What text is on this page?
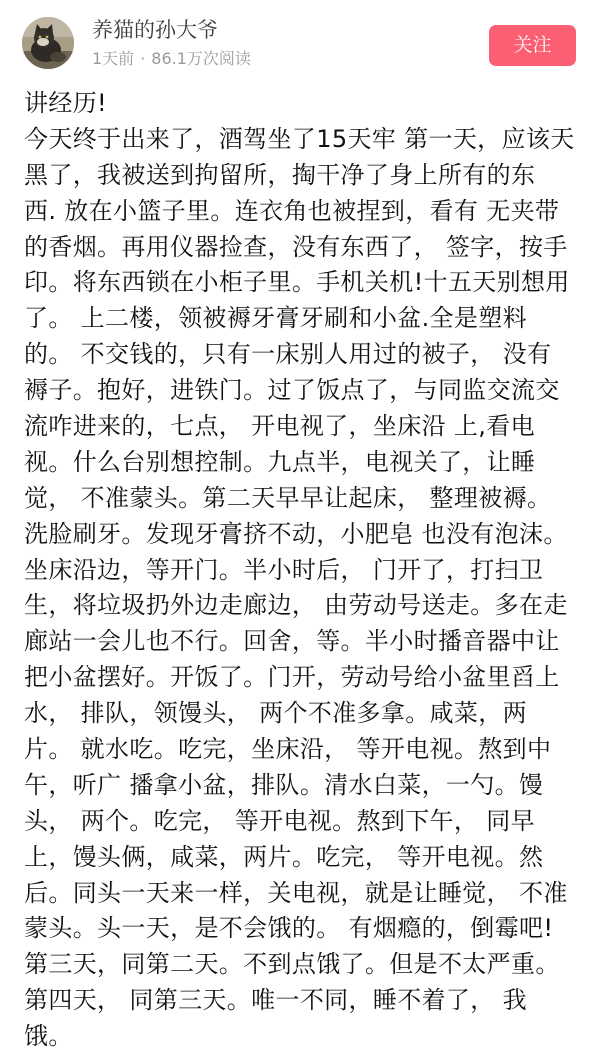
养猫的孙大爷
1天前 · 86.1万次阅读
关注
讲经历!
今天终于出来了，酒驾坐了15天牢 第一天，应该天
黑了，我被送到拘留所，掏干净了身上所有的东
西. 放在小篮子里。连衣角也被捏到，看有 无夹带
的香烟。再用仪器捡查，没有东西了， 签字，按手
印。将东西锁在小柜子里。手机关机!十五天别想用
了。 上二楼，领被褥牙膏牙刷和小盆.全是塑料
的。 不交钱的，只有一床别人用过的被子， 没有
褥子。抱好，进铁门。过了饭点了，与同监交流交
流咋进来的，七点， 开电视了，坐床沿 上,看电
视。什么台别想控制。九点半，电视关了，让睡
觉， 不准蒙头。第二天早早让起床， 整理被褥。
洗脸刷牙。发现牙膏挤不动，小肥皂 也没有泡沫。
坐床沿边，等开门。半小时后， 门开了，打扫卫
生，将垃圾扔外边走廊边， 由劳动号送走。多在走
廊站一会儿也不行。回舍，等。半小时播音器中让
把小盆摆好。开饭了。门开，劳动号给小盆里舀上
水， 排队，领馒头， 两个不准多拿。咸菜，两
片。 就水吃。吃完，坐床沿， 等开电视。熬到中
午，听广 播拿小盆，排队。清水白菜，一勺。馒
头， 两个。吃完， 等开电视。熬到下午， 同早
上，馒头俩，咸菜，两片。吃完， 等开电视。然
后。同头一天来一样，关电视，就是让睡觉， 不准
蒙头。头一天，是不会饿的。 有烟瘾的，倒霉吧!
第三天，同第二天。不到点饿了。但是不太严重。
第四天， 同第三天。唯一不同，睡不着了， 我
饿。
